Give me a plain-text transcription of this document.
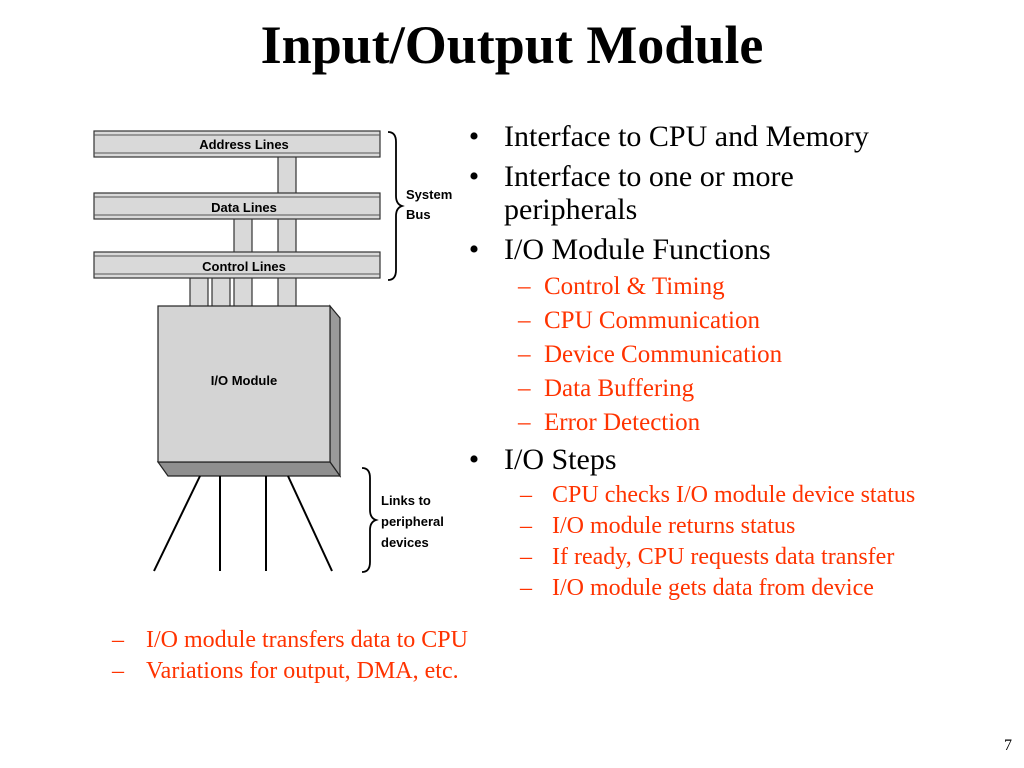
Input/Output Module
Address Lines
Data Lines
Control Lines
System
Bus
I/O Module
Links to
peripheral
devices
• Interface to CPU and Memory
• Interface to one or more
peripherals
• I/O Module Functions
– Control & Timing
– CPU Communication
– Device Communication
– Data Buffering
– Error Detection
• I/O Steps
– CPU checks I/O module device status
– I/O module returns status
– If ready, CPU requests data transfer
– I/O module gets data from device
– I/O module transfers data to CPU
– Variations for output, DMA, etc.
7
